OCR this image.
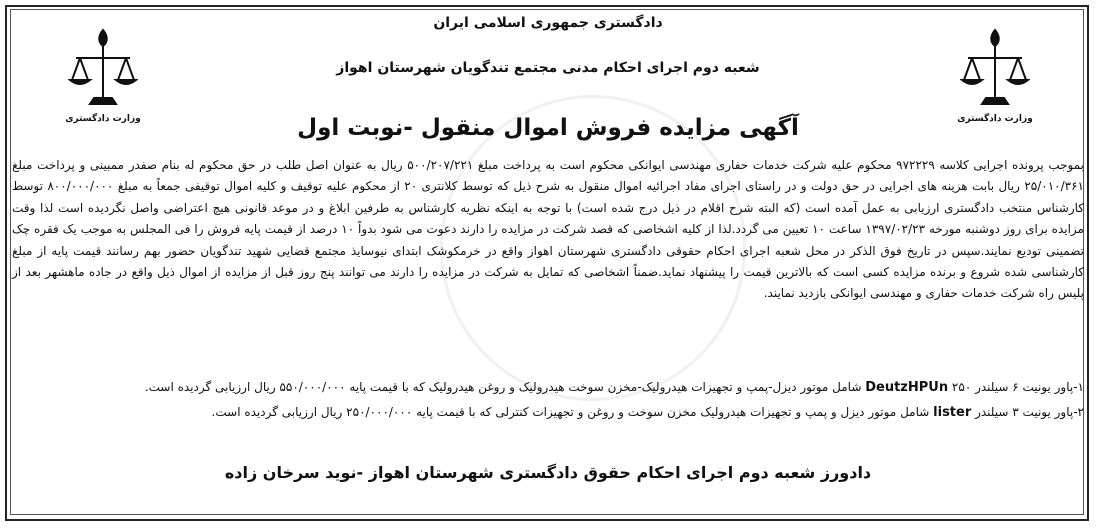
وزارت دادگستری	وزارت دادگستری
دادگستری جمهوری اسلامی ایران
شعبه دوم اجرای احکام مدنی مجتمع تندگویان شهرستان اهواز
آگهی مزایده فروش اموال منقول -نوبت اول
بموجب پرونده اجرایی کلاسه ۹۷۲۲۲۹ محکوم علیه شرکت خدمات حفاری مهندسی ایوانکی محکوم است به پرداخت مبلغ ۵۰۰/۲۰۷/۲۲۱ ریال به عنوان اصل طلب در حق محکوم له بنام صفدر ممبینی و پرداخت مبلغ ۲۵/۰۱۰/۳۶۱ ریال بابت هزینه های اجرایی در حق دولت و در راستای اجرای مفاد اجرائیه اموال منقول به شرح ذیل که توسط کلانتری ۲۰ از محکوم علیه توقیف و کلیه اموال توقیفی جمعاً به مبلغ ۸۰۰/۰۰۰/۰۰۰ توسط کارشناس منتخب دادگستری ارزیابی به عمل آمده است (که البته شرح اقلام در ذیل درج شده است) با توجه به اینکه نظریه کارشناس به طرفین ابلاغ و در موعد قانونی هیچ اعتراضی واصل نگردیده است لذا وقت مزایده برای روز دوشنبه مورخه ۱۳۹۷/۰۲/۲۳ ساعت ۱۰ تعیین می گردد.لذا از کلیه اشخاصی که قصد شرکت در مزایده را دارند دعوت می شود بدواً ۱۰ درصد از قیمت پایه فروش را فی المجلس به موجب یک فقره چک تضمینی تودیع نمایند.سپس در تاریخ فوق الذکر در محل شعبه اجرای احکام حقوقی دادگستری شهرستان اهواز واقع در خرمکوشک ابتدای نیوسایذ مجتمع قضایی شهید تندگویان حضور بهم رسانند قیمت پایه از مبلغ کارشناسی شده شروع و برنده مزایده کسی است که بالاترین قیمت را پیشنهاد نماید.ضمناً اشخاصی که تمایل به شرکت در مزایده را دارند می توانند پنج روز قبل از مزایده از اموال ذیل واقع در جاده ماهشهر بعد از پلیس راه شرکت خدمات حفاری و مهندسی ایوانکی بازدید نمایند.
۱-پاور یونیت ۶ سیلندر ۲۵۰ DeutzHPUn شامل موتور دیزل-پمپ و تجهیزات هیدرولیک-مخزن سوخت هیدرولیک و روغن هیدرولیک که با قیمت پایه ۵۵۰/۰۰۰/۰۰۰ ریال ارزیابی گردیده است.
۲-پاور یونیت ۳ سیلندر lister شامل موتور دیزل و پمپ و تجهیزات هیدرولیک مخزن سوخت و روغن و تجهیزات کنترلی که با قیمت پایه ۲۵۰/۰۰۰/۰۰۰ ریال ارزیابی گردیده است.
دادورز شعبه دوم اجرای احکام حقوق دادگستری شهرستان اهواز -نوید سرخان زاده
